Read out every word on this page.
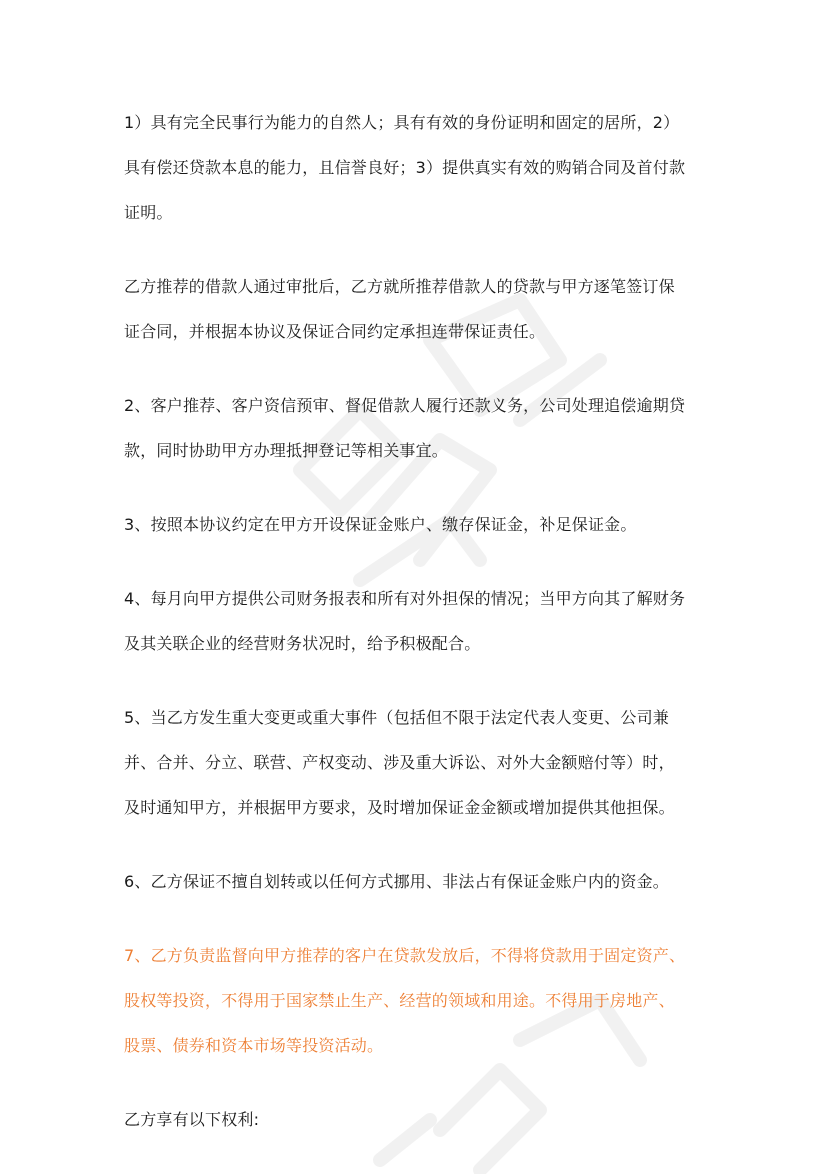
1）具有完全民事行为能力的自然人；具有有效的身份证明和固定的居所，2）
具有偿还贷款本息的能力，且信誉良好；3）提供真实有效的购销合同及首付款
证明。

乙方推荐的借款人通过审批后，乙方就所推荐借款人的贷款与甲方逐笔签订保
证合同，并根据本协议及保证合同约定承担连带保证责任。

2、客户推荐、客户资信预审、督促借款人履行还款义务，公司处理追偿逾期贷
款，同时协助甲方办理抵押登记等相关事宜。

3、按照本协议约定在甲方开设保证金账户、缴存保证金，补足保证金。

4、每月向甲方提供公司财务报表和所有对外担保的情况；当甲方向其了解财务
及其关联企业的经营财务状况时，给予积极配合。

5、当乙方发生重大变更或重大事件（包括但不限于法定代表人变更、公司兼
并、合并、分立、联营、产权变动、涉及重大诉讼、对外大金额赔付等）时，
及时通知甲方，并根据甲方要求，及时增加保证金金额或增加提供其他担保。

6、乙方保证不擅自划转或以任何方式挪用、非法占有保证金账户内的资金。

7、乙方负责监督向甲方推荐的客户在贷款发放后，不得将贷款用于固定资产、
股权等投资，不得用于国家禁止生产、经营的领域和用途。不得用于房地产、
股票、债券和资本市场等投资活动。

乙方享有以下权利:
